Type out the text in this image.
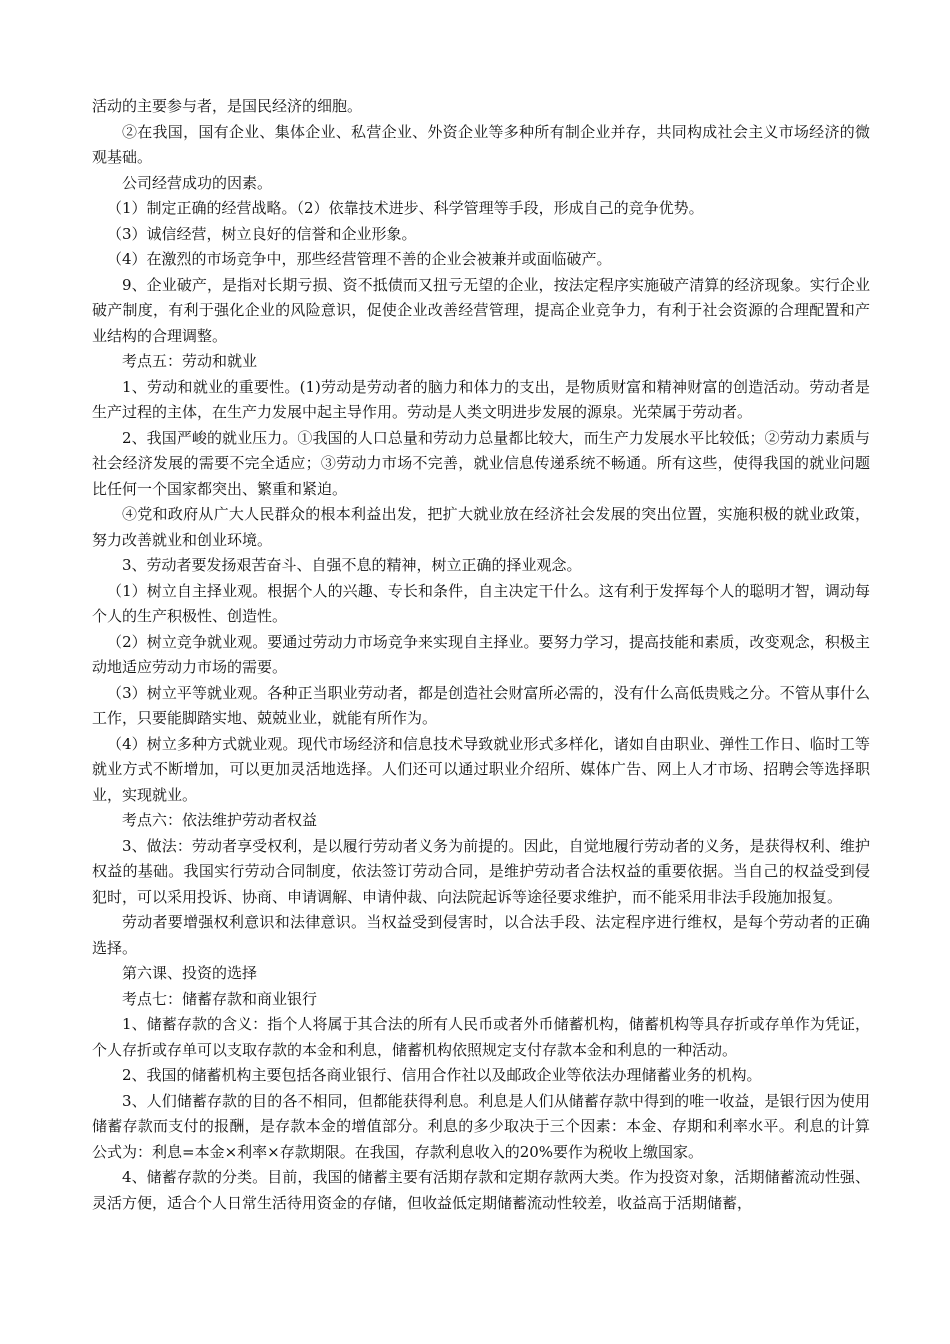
活动的主要参与者，是国民经济的细胞。

②在我国，国有企业、集体企业、私营企业、外资企业等多种所有制企业并存，共同构成社会主义市场经济的微观基础。

公司经营成功的因素。

（1）制定正确的经营战略。（2）依靠技术进步、科学管理等手段，形成自己的竞争优势。

（3）诚信经营，树立良好的信誉和企业形象。

（4）在激烈的市场竞争中，那些经营管理不善的企业会被兼并或面临破产。

9、企业破产，是指对长期亏损、资不抵债而又扭亏无望的企业，按法定程序实施破产清算的经济现象。实行企业破产制度，有利于强化企业的风险意识，促使企业改善经营管理，提高企业竞争力，有利于社会资源的合理配置和产业结构的合理调整。

考点五：劳动和就业

1、劳动和就业的重要性。(1)劳动是劳动者的脑力和体力的支出，是物质财富和精神财富的创造活动。劳动者是生产过程的主体，在生产力发展中起主导作用。劳动是人类文明进步发展的源泉。光荣属于劳动者。

2、我国严峻的就业压力。①我国的人口总量和劳动力总量都比较大，而生产力发展水平比较低；②劳动力素质与社会经济发展的需要不完全适应；③劳动力市场不完善，就业信息传递系统不畅通。所有这些，使得我国的就业问题比任何一个国家都突出、繁重和紧迫。

④党和政府从广大人民群众的根本利益出发，把扩大就业放在经济社会发展的突出位置，实施积极的就业政策，努力改善就业和创业环境。

3、劳动者要发扬艰苦奋斗、自强不息的精神，树立正确的择业观念。

（1）树立自主择业观。根据个人的兴趣、专长和条件，自主决定干什么。这有利于发挥每个人的聪明才智，调动每个人的生产积极性、创造性。

（2）树立竞争就业观。要通过劳动力市场竞争来实现自主择业。要努力学习，提高技能和素质，改变观念，积极主动地适应劳动力市场的需要。

（3）树立平等就业观。各种正当职业劳动者，都是创造社会财富所必需的，没有什么高低贵贱之分。不管从事什么工作，只要能脚踏实地、兢兢业业，就能有所作为。

（4）树立多种方式就业观。现代市场经济和信息技术导致就业形式多样化，诸如自由职业、弹性工作日、临时工等就业方式不断增加，可以更加灵活地选择。人们还可以通过职业介绍所、媒体广告、网上人才市场、招聘会等选择职业，实现就业。

考点六：依法维护劳动者权益

3、做法：劳动者享受权利，是以履行劳动者义务为前提的。因此，自觉地履行劳动者的义务，是获得权利、维护权益的基础。我国实行劳动合同制度，依法签订劳动合同，是维护劳动者合法权益的重要依据。当自己的权益受到侵犯时，可以采用投诉、协商、申请调解、申请仲裁、向法院起诉等途径要求维护，而不能采用非法手段施加报复。

劳动者要增强权利意识和法律意识。当权益受到侵害时，以合法手段、法定程序进行维权，是每个劳动者的正确选择。

第六课、投资的选择

考点七：储蓄存款和商业银行

1、储蓄存款的含义：指个人将属于其合法的所有人民币或者外币储蓄机构，储蓄机构等具存折或存单作为凭证，个人存折或存单可以支取存款的本金和利息，储蓄机构依照规定支付存款本金和利息的一种活动。

2、我国的储蓄机构主要包括各商业银行、信用合作社以及邮政企业等依法办理储蓄业务的机构。

3、人们储蓄存款的目的各不相同，但都能获得利息。利息是人们从储蓄存款中得到的唯一收益，是银行因为使用储蓄存款而支付的报酬，是存款本金的增值部分。利息的多少取决于三个因素：本金、存期和利率水平。利息的计算公式为：利息=本金×利率×存款期限。在我国，存款利息收入的20%要作为税收上缴国家。

4、储蓄存款的分类。目前，我国的储蓄主要有活期存款和定期存款两大类。作为投资对象，活期储蓄流动性强、灵活方便，适合个人日常生活待用资金的存储，但收益低定期储蓄流动性较差，收益高于活期储蓄，
